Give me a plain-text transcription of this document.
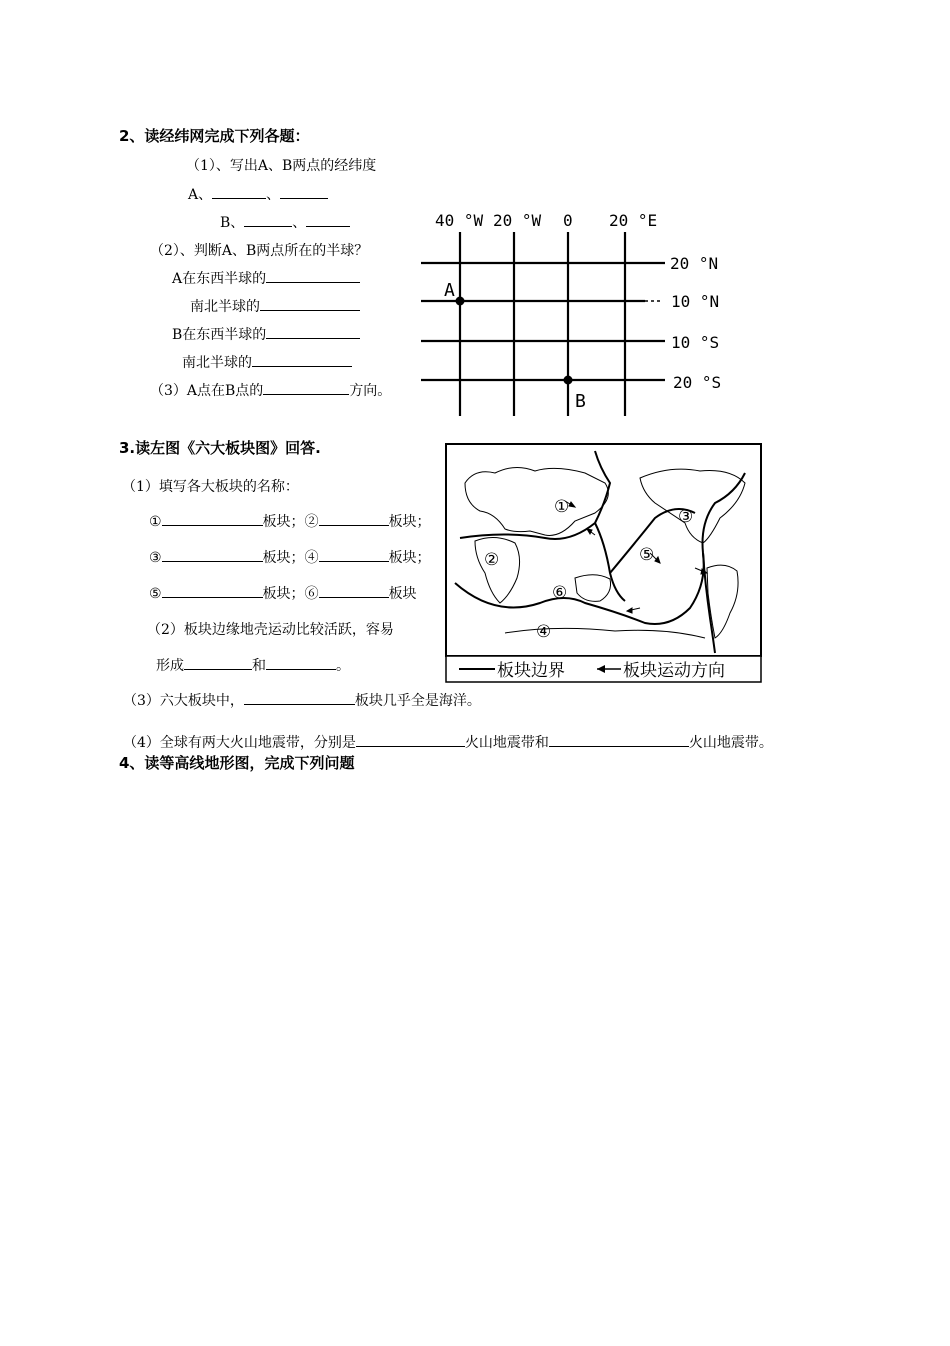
2、读经纬网完成下列各题：
（1）、写出A、B两点的经纬度
A、	、
B、	、
（2）、判断A、B两点所在的半球？
A在东西半球的
南北半球的
B在东西半球的
南北半球的
（3）A点在B点的	方向。
40 °W 20 °W 0 20 °E
20 °N
10 °N
10 °S
20 °S
A
B
3.读左图《六大板块图》回答.
（1）填写各大板块的名称：
①	板块；②	板块；
③	板块；④	板块；
⑤	板块；⑥	板块
（2）板块边缘地壳运动比较活跃，容易
形成	和	。
（3）六大板块中，	板块几乎全是海洋。
（4）全球有两大火山地震带，分别是	火山地震带和	火山地震带。
①
②
③
④
⑤
⑥
板块边界	板块运动方向
4、读等高线地形图，完成下列问题
